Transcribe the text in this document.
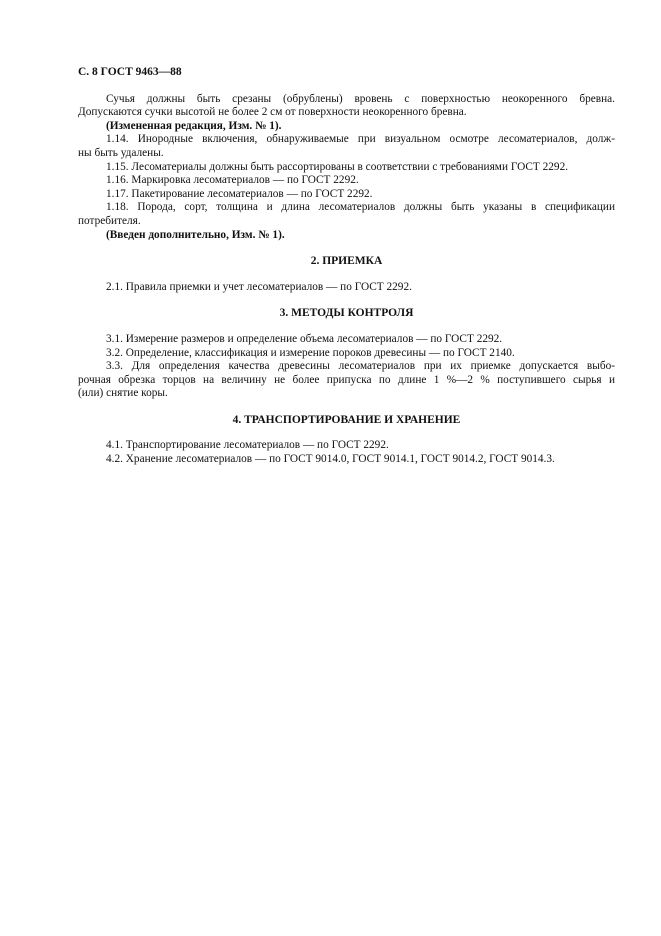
С. 8 ГОСТ 9463—88
Сучья должны быть срезаны (обрублены) вровень с поверхностью неокоренного бревна.
Допускаются сучки высотой не более 2 см от поверхности неокоренного бревна.

(Измененная редакция, Изм. № 1).

1.14. Инородные включения, обнаруживаемые при визуальном осмотре лесоматериалов, долж-
ны быть удалены.

1.15. Лесоматериалы должны быть рассортированы в соответствии с требованиями ГОСТ 2292.

1.16. Маркировка лесоматериалов — по ГОСТ 2292.

1.17. Пакетирование лесоматериалов — по ГОСТ 2292.

1.18. Порода, сорт, толщина и длина лесоматериалов должны быть указаны в спецификации
потребителя.

(Введен дополнительно, Изм. № 1).

2. ПРИЕМКА

2.1. Правила приемки и учет лесоматериалов — по ГОСТ 2292.

3. МЕТОДЫ КОНТРОЛЯ

3.1. Измерение размеров и определение объема лесоматериалов — по ГОСТ 2292.

3.2. Определение, классификация и измерение пороков древесины — по ГОСТ 2140.

3.3. Для определения качества древесины лесоматериалов при их приемке допускается выбо-
рочная обрезка торцов на величину не более припуска по длине 1 %—2 % поступившего сырья и
(или) снятие коры.
4. ТРАНСПОРТИРОВАНИЕ И ХРАНЕНИЕ

4.1. Транспортирование лесоматериалов — по ГОСТ 2292.

4.2. Хранение лесоматериалов — по ГОСТ 9014.0, ГОСТ 9014.1, ГОСТ 9014.2, ГОСТ 9014.3.
